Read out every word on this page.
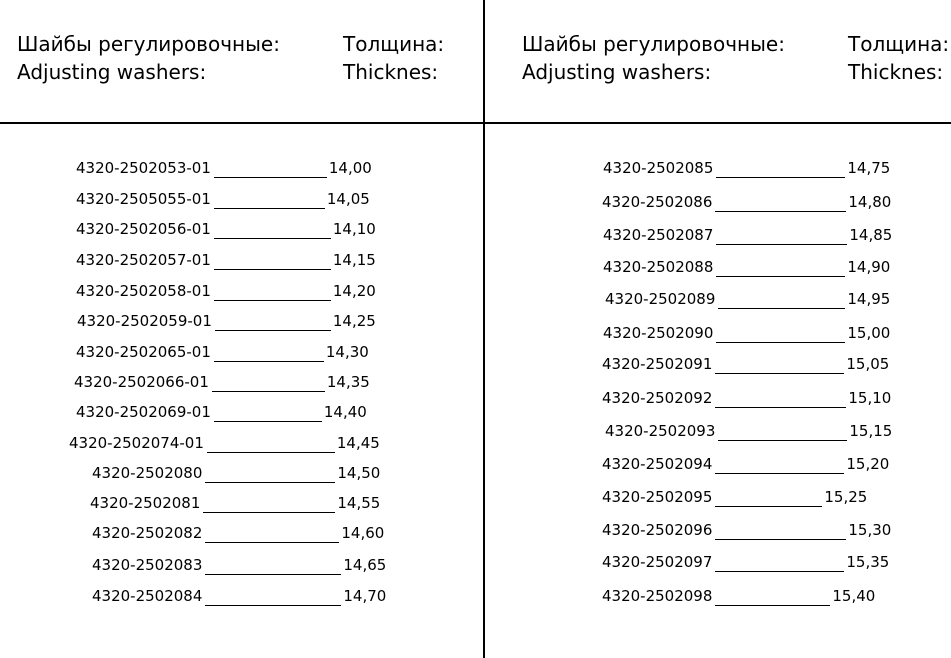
Шайбы регулировочные:
Adjusting washers:
Толщина:
Thicknes:
Шайбы регулировочные:
Adjusting washers:
Толщина:
Thicknes:
4320-2502053-01	14,00
4320-2505055-01	14,05
4320-2502056-01	14,10
4320-2502057-01	14,15
4320-2502058-01	14,20
4320-2502059-01	14,25
4320-2502065-01	14,30
4320-2502066-01	14,35
4320-2502069-01	14,40
4320-2502074-01	14,45
4320-2502080	14,50
4320-2502081	14,55
4320-2502082	14,60
4320-2502083	14,65
4320-2502084	14,70
4320-2502085	14,75
4320-2502086	14,80
4320-2502087	14,85
4320-2502088	14,90
4320-2502089	14,95
4320-2502090	15,00
4320-2502091	15,05
4320-2502092	15,10
4320-2502093	15,15
4320-2502094	15,20
4320-2502095	15,25
4320-2502096	15,30
4320-2502097	15,35
4320-2502098	15,40
